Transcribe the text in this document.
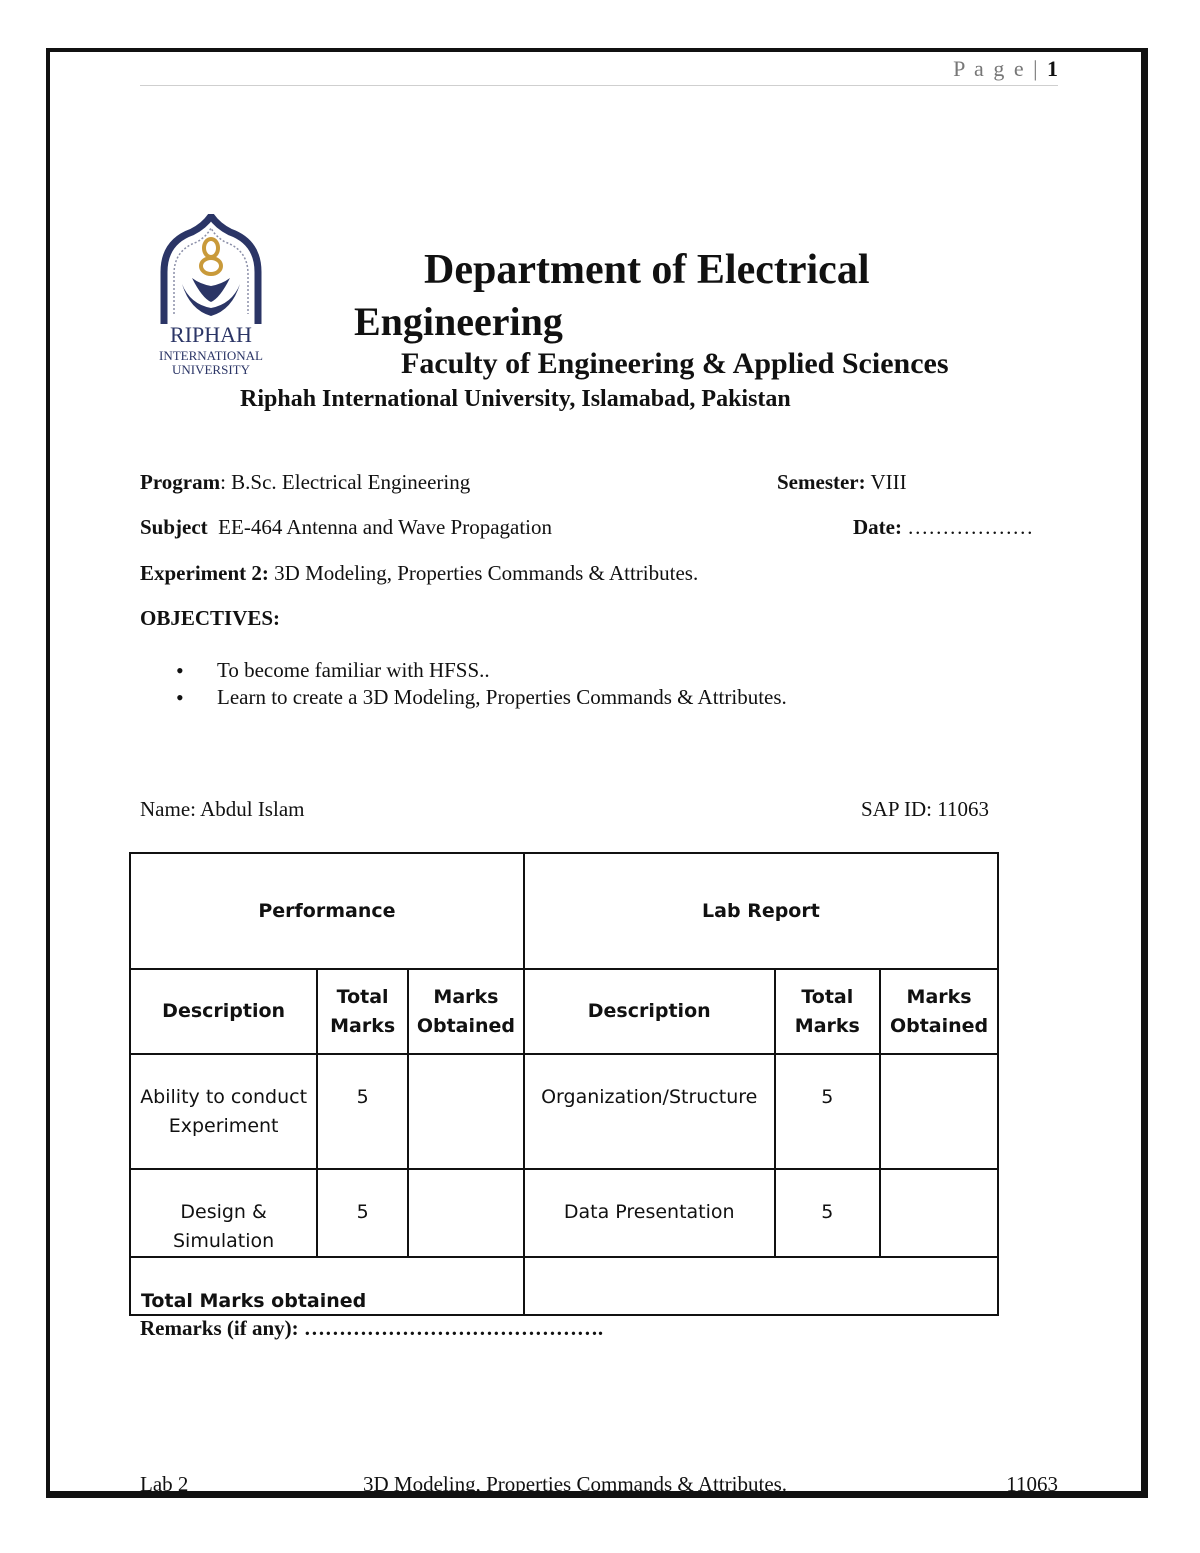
P a g e | 1
RIPHAH
INTERNATIONAL
UNIVERSITY
Department of Electrical
Engineering
Faculty of Engineering & Applied Sciences
Riphah International University, Islamabad, Pakistan
Program: B.Sc. Electrical Engineering	Semester: VIII
Subject  EE-464 Antenna and Wave Propagation	Date: ………………
Experiment 2: 3D Modeling, Properties Commands & Attributes.
OBJECTIVES:
• To become familiar with HFSS..
• Learn to create a 3D Modeling, Properties Commands & Attributes.
Name: Abdul Islam	SAP ID: 11063
Performance			Lab Report		
Description	Total Marks	Marks Obtained	Description	Total Marks	Marks Obtained
Ability to conduct Experiment	5		Organization/Structure	5	
Design & Simulation	5		Data Presentation	5	
Total Marks obtained					
Remarks (if any): …………………………………….
Lab 2	3D Modeling, Properties Commands & Attributes.	11063
